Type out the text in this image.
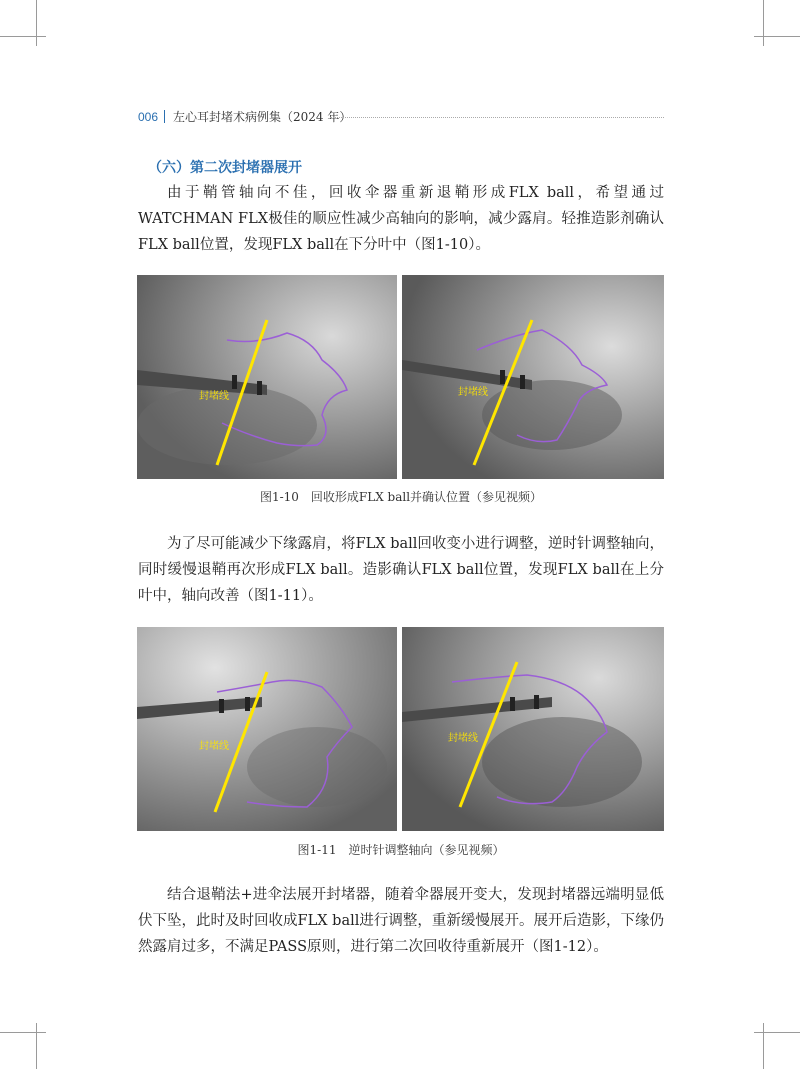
006 左心耳封堵术病例集（2024 年）
（六）第二次封堵器展开

由于鞘管轴向不佳，回收伞器重新退鞘形成FLX ball，希望通过WATCHMAN FLX极佳的顺应性减少高轴向的影响，减少露肩。轻推造影剂确认FLX ball位置，发现FLX ball在下分叶中（图1-10）。

封堵线	封堵线
图1-10　回收形成FLX ball并确认位置（参见视频）

为了尽可能减少下缘露肩，将FLX ball回收变小进行调整，逆时针调整轴向，同时缓慢退鞘再次形成FLX ball。造影确认FLX ball位置，发现FLX ball在上分叶中，轴向改善（图1-11）。

封堵线
封堵线
图1-11　逆时针调整轴向（参见视频）

结合退鞘法+进伞法展开封堵器，随着伞器展开变大，发现封堵器远端明显低伏下坠，此时及时回收成FLX ball进行调整，重新缓慢展开。展开后造影，下缘仍然露肩过多，不满足PASS原则，进行第二次回收待重新展开（图1-12）。
